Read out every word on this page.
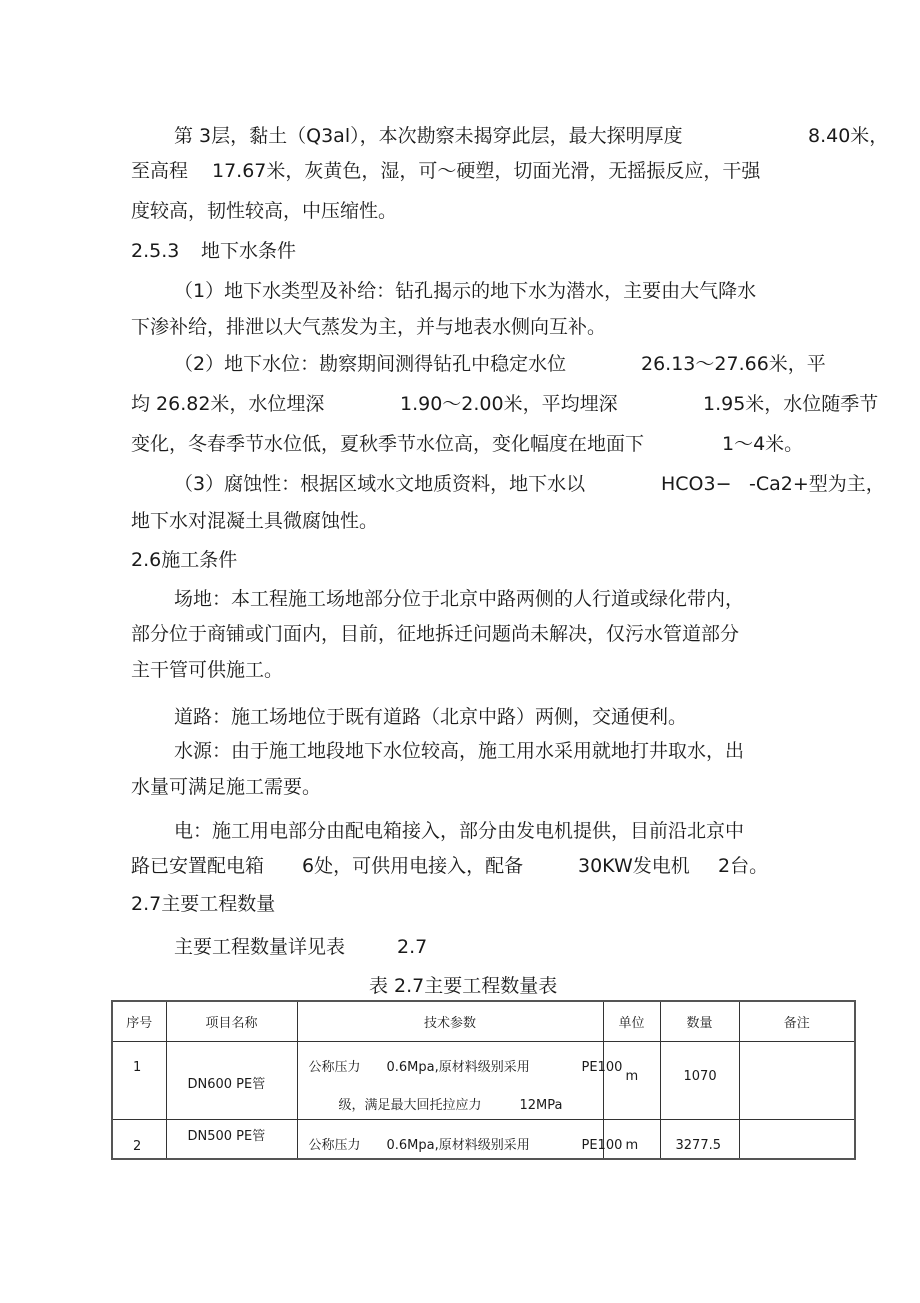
第 3层，黏土（Q3al），本次勘察未揭穿此层，最大探明厚度	8.40米，
至高程 17.67米，灰黄色，湿，可～硬塑，切面光滑，无摇振反应，干强
度较高，韧性较高，中压缩性。
2.5.3 地下水条件
（1）地下水类型及补给：钻孔揭示的地下水为潜水，主要由大气降水
下渗补给，排泄以大气蒸发为主，并与地表水侧向互补。
（2）地下水位：勘察期间测得钻孔中稳定水位	26.13～27.66米，平
均 26.82米，水位埋深	1.90～2.00米，平均埋深	1.95米，水位随季节
变化，冬春季节水位低，夏秋季节水位高，变化幅度在地面下	1～4米。
（3）腐蚀性：根据区域水文地质资料，地下水以	HCO3− -Ca2+型为主，
地下水对混凝土具微腐蚀性。
2.6施工条件
场地：本工程施工场地部分位于北京中路两侧的人行道或绿化带内，
部分位于商铺或门面内，目前，征地拆迁问题尚未解决，仅污水管道部分
主干管可供施工。
道路：施工场地位于既有道路（北京中路）两侧，交通便利。
水源：由于施工地段地下水位较高，施工用水采用就地打井取水，出
水量可满足施工需要。
电：施工用电部分由配电箱接入，部分由发电机提供，目前沿北京中
路已安置配电箱 6处，可供用电接入，配备	30KW发电机 2台。
2.7主要工程数量
主要工程数量详见表	2.7
表 2.7主要工程数量表
序号	项目名称	技术参数	单位	数量	备注

1	DN600 PE管	公称压力 0.6Mpa,原材料级别采用 PE100
级，满足最大回托拉应力 12MPa	m	1070	

2	DN500 PE管	公称压力 0.6Mpa,原材料级别采用 PE100	m	3277.5	
